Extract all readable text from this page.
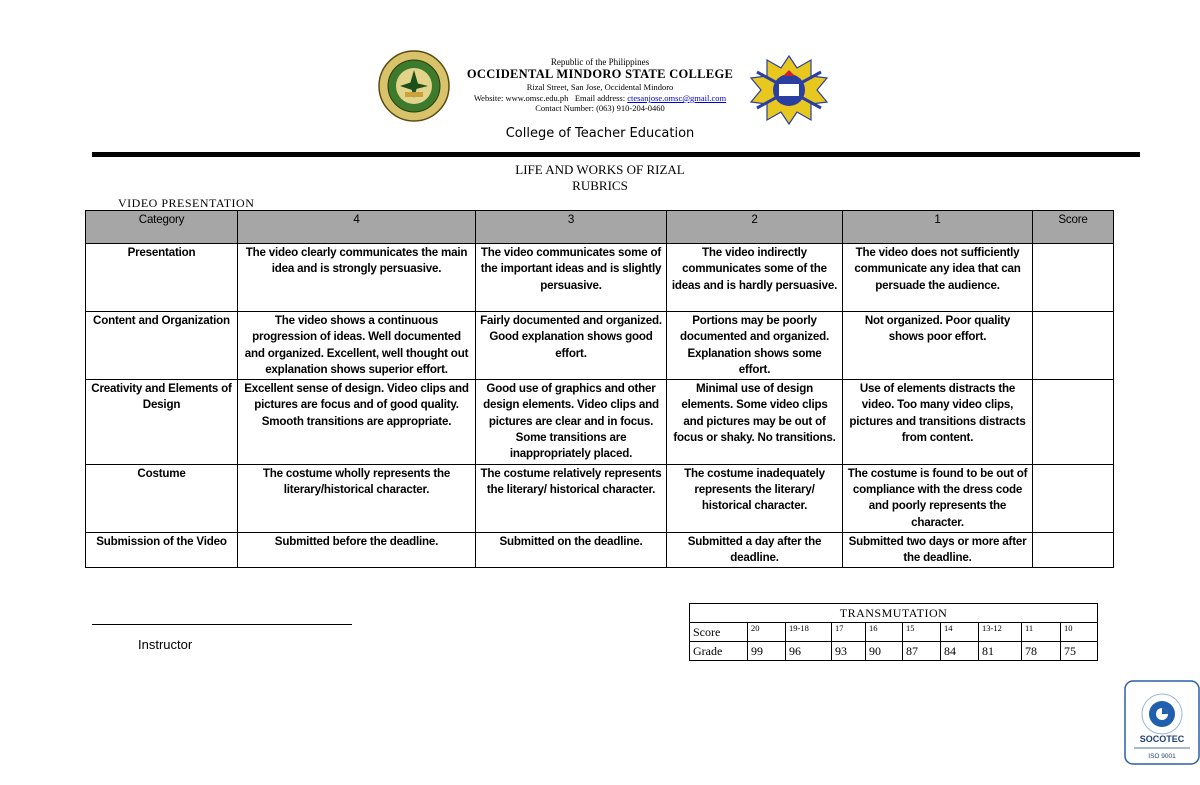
Republic of the Philippines
OCCIDENTAL MINDORO STATE COLLEGE
Rizal Street, San Jose, Occidental Mindoro
Website: www.omsc.edu.ph Email address: ctesanjose.omsc@gmail.com
Contact Number: (063) 910-204-0460
College of Teacher Education
LIFE AND WORKS OF RIZAL
RUBRICS
VIDEO PRESENTATION
Category	4	3	2	1	Score
Presentation	The video clearly communicates the main idea and is strongly persuasive.	The video communicates some of the important ideas and is slightly persuasive.	The video indirectly communicates some of the ideas and is hardly persuasive.	The video does not sufficiently communicate any idea that can persuade the audience.	
Content and Organization	The video shows a continuous progression of ideas. Well documented and organized. Excellent, well thought out explanation shows superior effort.	Fairly documented and organized. Good explanation shows good effort.	Portions may be poorly documented and organized. Explanation shows some effort.	Not organized. Poor quality shows poor effort.	
Creativity and Elements of Design	Excellent sense of design. Video clips and pictures are focus and of good quality. Smooth transitions are appropriate.	Good use of graphics and other design elements. Video clips and pictures are clear and in focus. Some transitions are inappropriately placed.	Minimal use of design elements. Some video clips and pictures may be out of focus or shaky. No transitions.	Use of elements distracts the video. Too many video clips, pictures and transitions distracts from content.	
Costume	The costume wholly represents the literary/historical character.	The costume relatively represents the literary/ historical character.	The costume inadequately represents the literary/ historical character.	The costume is found to be out of compliance with the dress code and poorly represents the character.	
Submission of the Video	Submitted before the deadline.	Submitted on the deadline.	Submitted a day after the deadline.	Submitted two days or more after the deadline.	
Instructor
TRANSMUTATION									
Score	20	19-18	17	16	15	14	13-12	11	10
Grade	99	96	93	90	87	84	81	78	75
SOCOTEC
ISO 9001
